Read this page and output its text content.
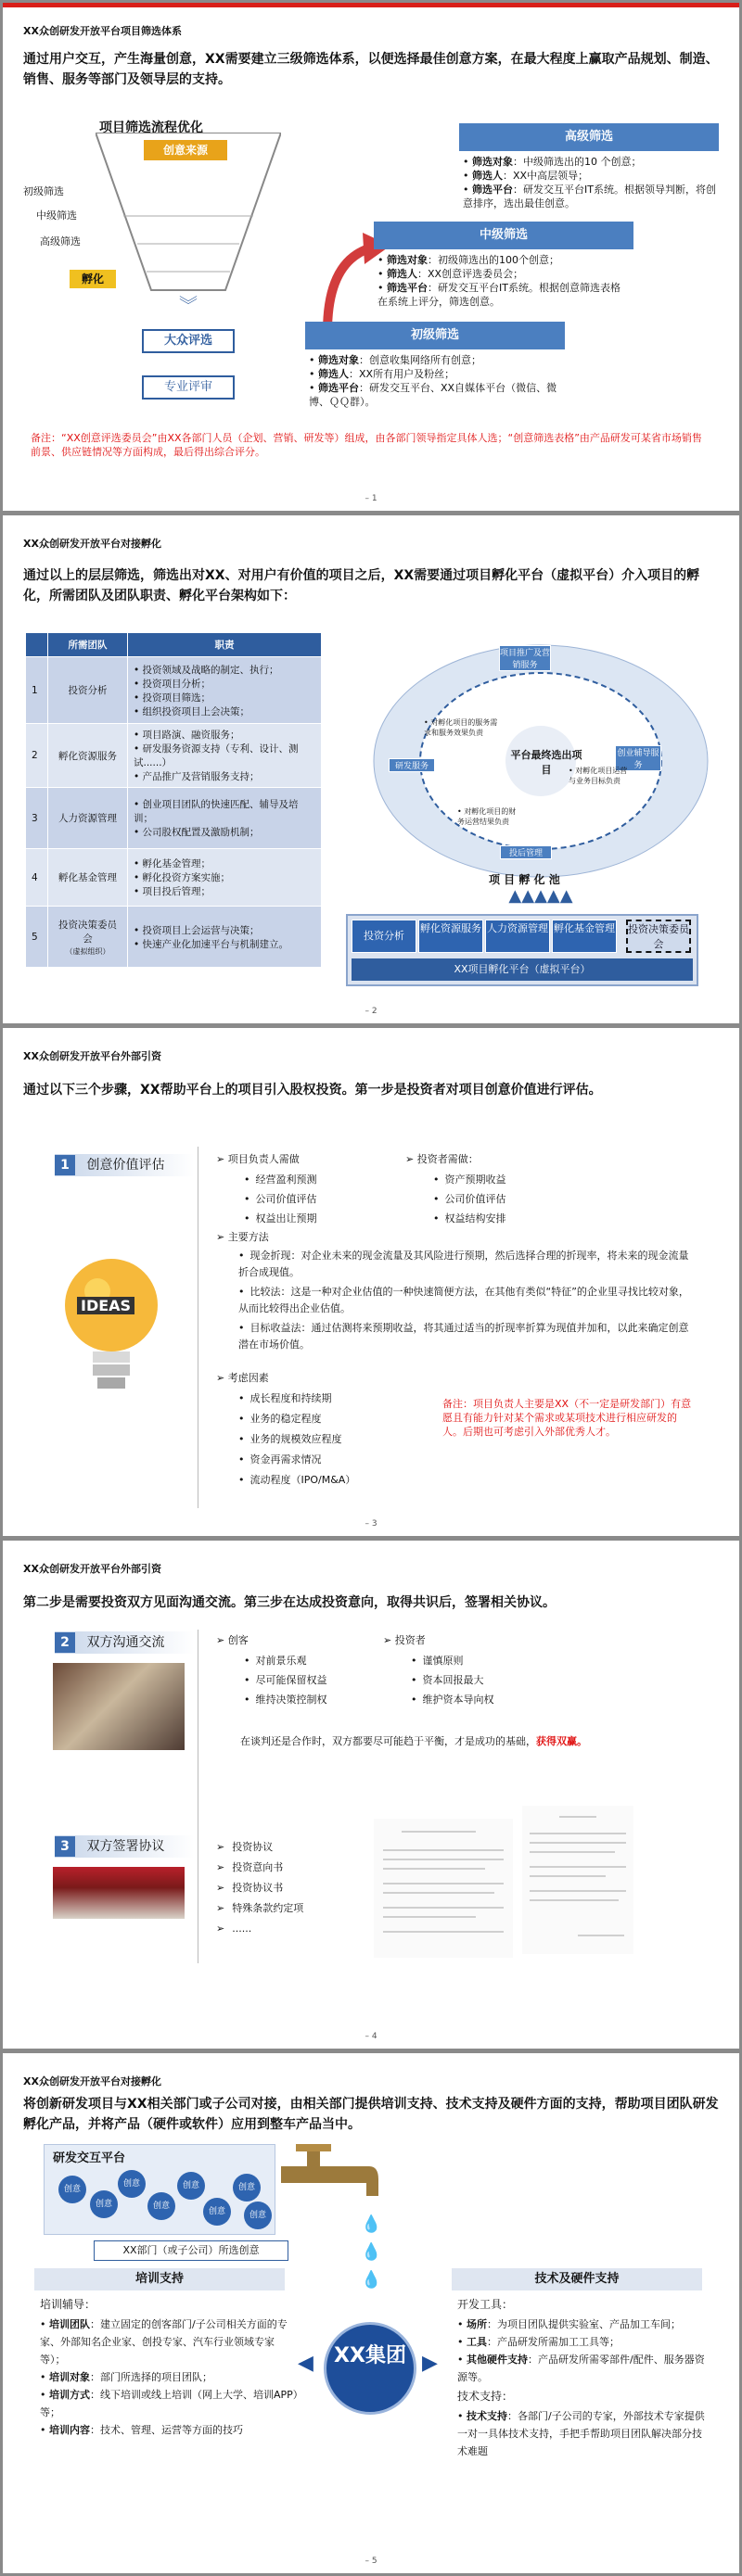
XX众创研发开放平台项目筛选体系
通过用户交互，产生海量创意，XX需要建立三级筛选体系，以便选择最佳创意方案，在最大程度上赢取产品规划、制造、销售、服务等部门及领导层的支持。
项目筛选流程优化
创意来源
初级筛选
中级筛选
高级筛选
孵化
︾
大众评选
专业评审
高级筛选
• 筛选对象：中级筛选出的10 个创意；
• 筛选人：XX中高层领导；
• 筛选平台：研发交互平台IT系统。根据领导判断，将创意排序，选出最佳创意。
中级筛选
• 筛选对象：初级筛选出的100个创意；
• 筛选人：XX创意评选委员会；
• 筛选平台：研发交互平台IT系统。根据创意筛选表格在系统上评分，筛选创意。
初级筛选
• 筛选对象：创意收集网络所有创意；
• 筛选人：XX所有用户及粉丝；
• 筛选平台：研发交互平台、XX自媒体平台（微信、微博、ＱＱ群）。
备注：“XX创意评选委员会”由XX各部门人员（企划、营销、研发等）组成，由各部门领导指定具体人选；“创意筛选表格”由产品研发可某省市场销售前景、供应链情况等方面构成，最后得出综合评分。
– 1
XX众创研发开放平台对接孵化
通过以上的层层筛选，筛选出对XX、对用户有价值的项目之后，XX需要通过项目孵化平台（虚拟平台）介入项目的孵化，所需团队及团队职责、孵化平台架构如下：
	所需团队	职责
1	投资分析	• 投资领域及战略的制定、执行；
• 投资项目分析；
• 投资项目筛选；
• 组织投资项目上会决策；
2	孵化资源服务	• 项目路演、融资服务；
• 研发服务资源支持（专利、设计、测试......）
• 产品推广及营销服务支持；
3	人力资源管理	• 创业项目团队的快速匹配、辅导及培训；
• 公司股权配置及激励机制；
4	孵化基金管理	• 孵化基金管理；
• 孵化投资方案实施；
• 项目投后管理；
5	投资决策委员会
（虚拟组织）	• 投资项目上会运营与决策；
• 快速产业化加速平台与机制建立。
平台最终选出项目
项目推广及营销服务
创业辅导服务
投后管理
研发服务
• 对孵化项目的服务需求和服务效果负责
• 对孵化项目运营与业务目标负责
• 对孵化项目的财务运营结果负责
项 目 孵 化 池
▲▲▲▲▲
投资分析
孵化资源服务 人力资源管理 孵化基金管理 投资决策委员会
XX项目孵化平台（虚拟平台）
– 2
XX众创研发开放平台外部引资
通过以下三个步骤，XX帮助平台上的项目引入股权投资。第一步是投资者对项目创意价值进行评估。
1 创意价值评估
IDEAS
➢ 项目负责人需做
• 经营盈利预测
• 公司价值评估
• 权益出让预期
➢ 投资者需做：
• 资产预期收益
• 公司价值评估
• 权益结构安排
➢ 主要方法
• 现金折现：对企业未来的现金流量及其风险进行预期，然后选择合理的折现率，将未来的现金流量折合成现值。
• 比较法：这是一种对企业估值的一种快速简便方法，在其他有类似“特征”的企业里寻找比较对象，从而比较得出企业估值。
• 目标收益法：通过估测将来预期收益，将其通过适当的折现率折算为现值并加和，以此来确定创意潜在市场价值。
➢ 考虑因素
• 成长程度和持续期
• 业务的稳定程度
• 业务的规模效应程度
• 资金再需求情况
• 流动程度（IPO/M&A）
备注：项目负责人主要是XX（不一定是研发部门）有意愿且有能力针对某个需求或某项技术进行相应研发的人。后期也可考虑引入外部优秀人才。
– 3
XX众创研发开放平台外部引资
第二步是需要投资双方见面沟通交流。第三步在达成投资意向，取得共识后，签署相关协议。
2 双方沟通交流	➢ 创客
• 对前景乐观
• 尽可能保留权益
• 维持决策控制权
➢ 投资者
• 谨慎原则
• 资本回报最大
• 维护资本导向权
在谈判还是合作时，双方都要尽可能趋于平衡，才是成功的基础，获得双赢。
3 双方签署协议	➢ 投资协议
➢ 投资意向书
➢ 投资协议书
➢ 特殊条款约定项
➢ ......
– 4
XX众创研发开放平台对接孵化
将创新研发项目与XX相关部门或子公司对接，由相关部门提供培训支持、技术支持及硬件方面的支持，帮助项目团队研发孵化产品，并将产品（硬件或软件）应用到整车产品当中。
研发交互平台
创意
创意
创意
创意
创意
创意
创意
创意	💧
💧
💧
XX部门（或子公司）所选创意
培训支持
培训辅导：
• 培训团队：建立固定的创客部门/子公司相关方面的专家、外部知名企业家、创投专家、汽车行业领域专家等）；
• 培训对象：部门所选择的项目团队；
• 培训方式：线下培训或线上培训（网上大学、培训APP）等；
• 培训内容：技术、管理、运营等方面的技巧
XX集团
◀	▶
技术及硬件支持
开发工具：
• 场所：为项目团队提供实验室、产品加工车间；
• 工具：产品研发所需加工工具等；
• 其他硬件支持：产品研发所需零部件/配件、服务器资源等。
技术支持：
• 技术支持：各部门/子公司的专家，外部技术专家提供一对一具体技术支持，手把手帮助项目团队解决部分技术难题
– 5
